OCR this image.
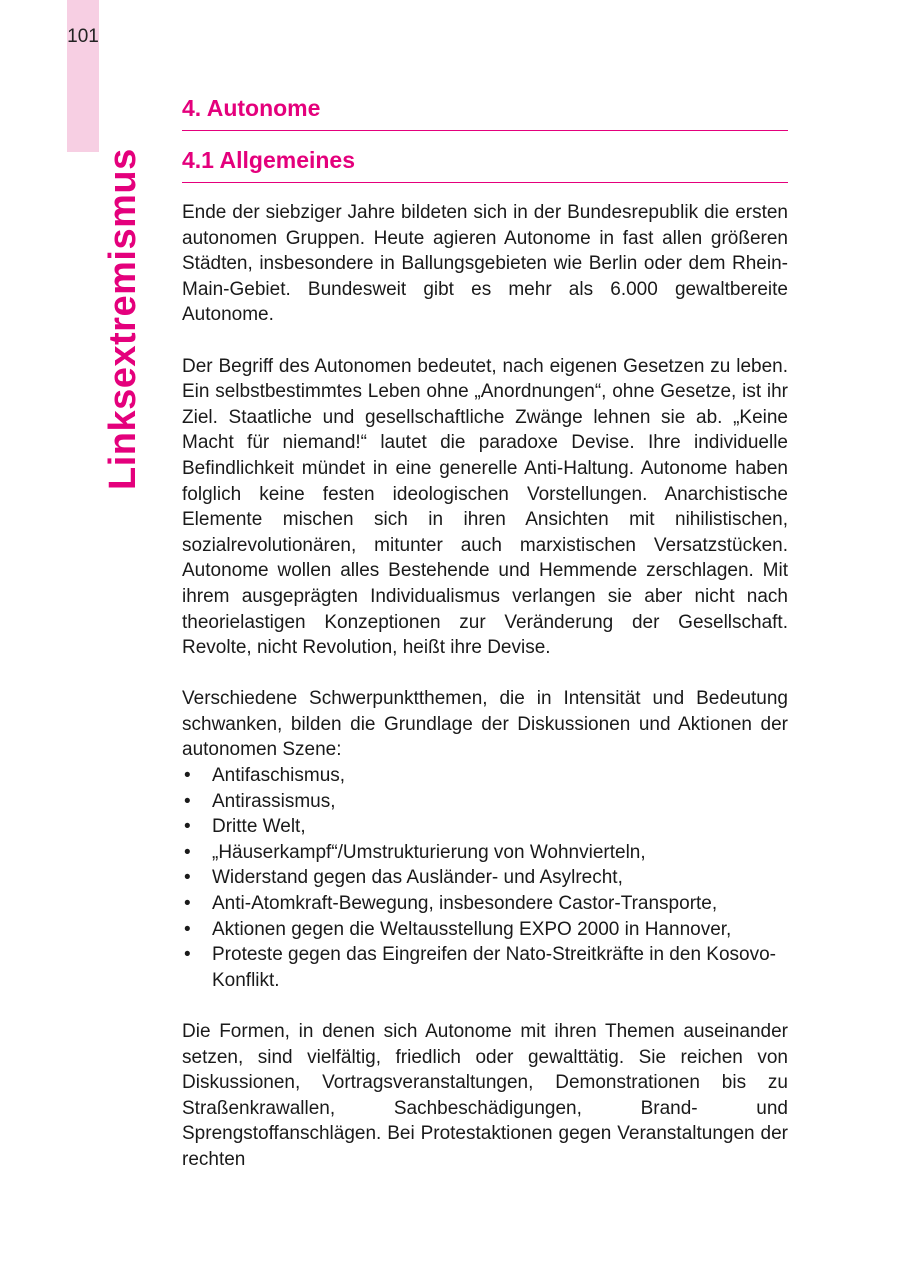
101
Linksextremismus
4. Autonome
4.1 Allgemeines

Ende der siebziger Jahre bildeten sich in der Bundesrepublik die ersten autonomen Gruppen. Heute agieren Autonome in fast allen größeren Städten, insbesondere in Ballungsgebieten wie Berlin oder dem Rhein-Main-Gebiet. Bundesweit gibt es mehr als 6.000 gewaltbereite Autonome.

Der Begriff des Autonomen bedeutet, nach eigenen Gesetzen zu leben. Ein selbstbestimmtes Leben ohne „Anordnungen“, ohne Gesetze, ist ihr Ziel. Staatliche und gesellschaftliche Zwänge lehnen sie ab. „Keine Macht für niemand!“ lautet die paradoxe Devise. Ihre individuelle Befindlichkeit mündet in eine generelle Anti-Haltung. Autonome haben folglich keine festen ideologischen Vorstellungen. Anarchistische Elemente mischen sich in ihren Ansichten mit nihilistischen, sozialrevolutionären, mitunter auch marxistischen Versatzstücken. Autonome wollen alles Bestehende und Hemmende zerschlagen. Mit ihrem ausgeprägten Individualismus verlangen sie aber nicht nach theorielastigen Konzeptionen zur Veränderung der Gesellschaft. Revolte, nicht Revolution, heißt ihre Devise.

Verschiedene Schwerpunktthemen, die in Intensität und Bedeutung schwanken, bilden die Grundlage der Diskussionen und Aktionen der autonomen Szene:

• Antifaschismus,
• Antirassismus,
• Dritte Welt,
• „Häuserkampf“/Umstrukturierung von Wohnvierteln,
• Widerstand gegen das Ausländer- und Asylrecht,
• Anti-Atomkraft-Bewegung, insbesondere Castor-Transporte,
• Aktionen gegen die Weltausstellung EXPO 2000 in Hannover,
• Proteste gegen das Eingreifen der Nato-Streitkräfte in den Kosovo-Konflikt.

Die Formen, in denen sich Autonome mit ihren Themen auseinander setzen, sind vielfältig, friedlich oder gewalttätig. Sie reichen von Diskussionen, Vortragsveranstaltungen, Demonstrationen bis zu Straßenkrawallen, Sachbeschädigungen, Brand- und Sprengstoffanschlägen. Bei Protestaktionen gegen Veranstaltungen der rechten
